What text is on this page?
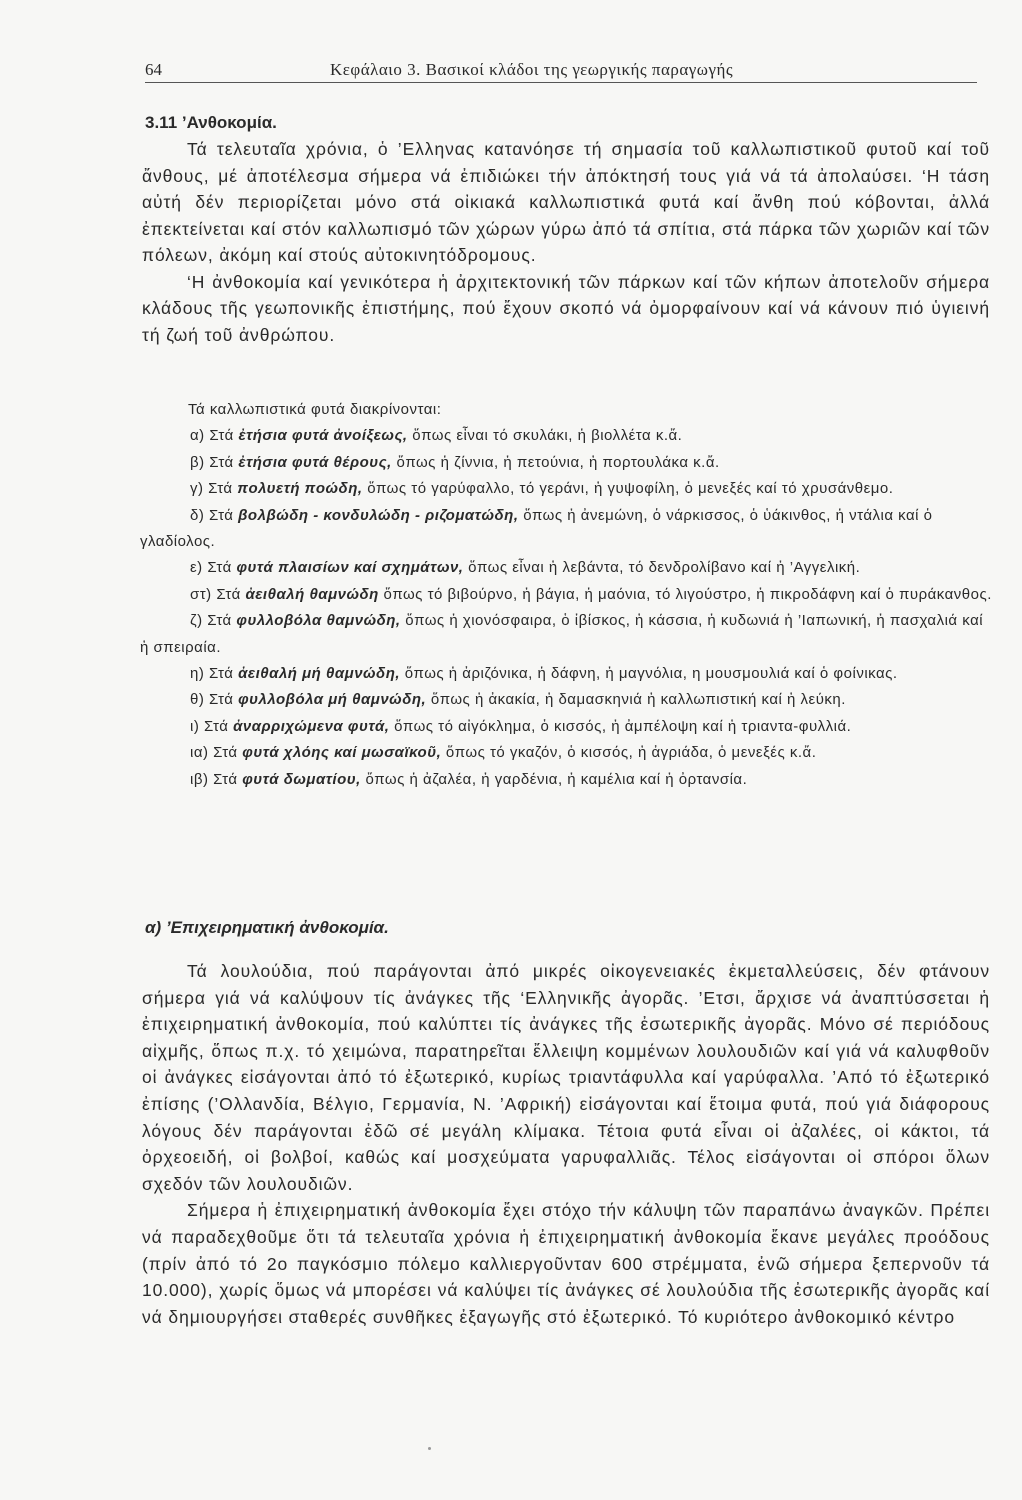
64	Κεφάλαιο 3. Βασικοί κλάδοι της γεωργικής παραγωγής
3.11 ’Ανθοκομία.

Τά τελευταῖα χρόνια, ὁ ’Ελληνας κατανόησε τή σημασία τοῦ καλλωπιστικοῦ φυτοῦ καί τοῦ ἄνθους, μέ ἀποτέλεσμα σήμερα νά ἐπιδιώκει τήν ἀπόκτησή τους γιά νά τά ἀπολαύσει. ‘Η τάση αὐτή δέν περιορίζεται μόνο στά οἰκιακά καλλωπιστικά φυτά καί ἄνθη πού κόβονται, ἀλλά ἐπεκτείνεται καί στόν καλλωπισμό τῶν χώρων γύρω ἀπό τά σπίτια, στά πάρκα τῶν χωριῶν καί τῶν πόλεων, ἀκόμη καί στούς αὐτοκινητόδρομους.

‘Η ἀνθοκομία καί γενικότερα ἡ ἀρχιτεκτονική τῶν πάρκων καί τῶν κήπων ἀποτελοῦν σήμερα κλάδους τῆς γεωπονικῆς ἐπιστήμης, πού ἔχουν σκοπό νά ὀμορφαίνουν καί νά κάνουν πιό ὑγιεινή τή ζωή τοῦ ἀνθρώπου.

Τά καλλωπιστικά φυτά διακρίνονται:

α) Στά ἐτήσια φυτά ἀνοίξεως, ὅπως εἶναι τό σκυλάκι, ἡ βιολλέτα κ.ἄ.

β) Στά ἐτήσια φυτά θέρους, ὅπως ἡ ζίννια, ἡ πετούνια, ἡ πορτουλάκα κ.ἄ.

γ) Στά πολυετή ποώδη, ὅπως τό γαρύφαλλο, τό γεράνι, ἡ γυψοφίλη, ὁ μενεξές καί τό χρυσάνθεμο.

δ) Στά βολβώδη - κονδυλώδη - ριζοματώδη, ὅπως ἡ ἀνεμώνη, ὁ νάρκισσος, ὁ ὑάκινθος, ἡ ντάλια καί ὁ γλαδίολος.

ε) Στά φυτά πλαισίων καί σχημάτων, ὅπως εἶναι ἡ λεβάντα, τό δενδρολίβανο καί ἡ ’Αγγελική.

στ) Στά ἀειθαλή θαμνώδη ὅπως τό βιβούρνο, ἡ βάγια, ἡ μαόνια, τό λιγούστρο, ἡ πικροδάφνη καί ὁ πυράκανθος.

ζ) Στά φυλλοβόλα θαμνώδη, ὅπως ἡ χιονόσφαιρα, ὁ ἰβίσκος, ἡ κάσσια, ἡ κυδωνιά ἡ ’Ιαπωνική, ἡ πασχαλιά καί ἡ σπειραία.

η) Στά ἀειθαλή μή θαμνώδη, ὅπως ἡ ἀριζόνικα, ἡ δάφνη, ἡ μαγνόλια, η μουσμουλιά καί ὁ φοίνικας.

θ) Στά φυλλοβόλα μή θαμνώδη, ὅπως ἡ ἀκακία, ἡ δαμασκηνιά ἡ καλλωπιστική καί ἡ λεύκη.

ι) Στά ἀναρριχώμενα φυτά, ὅπως τό αἰγόκλημα, ὁ κισσός, ἡ ἀμπέλοψη καί ἡ τριαντα-φυλλιά.

ια) Στά φυτά χλόης καί μωσαϊκοῦ, ὅπως τό γκαζόν, ὁ κισσός, ἡ ἀγριάδα, ὁ μενεξές κ.ἄ.

ιβ) Στά φυτά δωματίου, ὅπως ἡ ἀζαλέα, ἡ γαρδένια, ἡ καμέλια καί ἡ ὀρτανσία.

α) ’Επιχειρηματική ἀνθοκομία.

Τά λουλούδια, πού παράγονται ἀπό μικρές οἰκογενειακές ἐκμεταλλεύσεις, δέν φτάνουν σήμερα γιά νά καλύψουν τίς ἀνάγκες τῆς ‘Ελληνικῆς ἀγορᾶς. ’Ετσι, ἄρχισε νά ἀναπτύσσεται ἡ ἐπιχειρηματική ἀνθοκομία, πού καλύπτει τίς ἀνάγκες τῆς ἐσωτερικῆς ἀγορᾶς. Μόνο σέ περιόδους αἰχμῆς, ὅπως π.χ. τό χειμώνα, παρατηρεῖται ἔλλειψη κομμένων λουλουδιῶν καί γιά νά καλυφθοῦν οἱ ἀνάγκες εἰσάγονται ἀπό τό ἐξωτερικό, κυρίως τριαντάφυλλα καί γαρύφαλλα. ’Από τό ἐξωτερικό ἐπίσης (’Ολλανδία, Βέλγιο, Γερμανία, Ν. ’Αφρική) εἰσάγονται καί ἕτοιμα φυτά, πού γιά διάφορους λόγους δέν παράγονται ἐδῶ σέ μεγάλη κλίμακα. Τέτοια φυτά εἶναι οἱ ἀζαλέες, οἱ κάκτοι, τά ὀρχεοειδή, οἱ βολβοί, καθώς καί μοσχεύματα γαρυφαλλιᾶς. Τέλος εἰσάγονται οἱ σπόροι ὅλων σχεδόν τῶν λουλουδιῶν.

Σήμερα ἡ ἐπιχειρηματική ἀνθοκομία ἔχει στόχο τήν κάλυψη τῶν παραπάνω ἀναγκῶν. Πρέπει νά παραδεχθοῦμε ὅτι τά τελευταῖα χρόνια ἡ ἐπιχειρηματική ἀνθοκομία ἔκανε μεγάλες προόδους (πρίν ἀπό τό 2ο παγκόσμιο πόλεμο καλλιεργοῦνταν 600 στρέμματα, ἐνῶ σήμερα ξεπερνοῦν τά 10.000), χωρίς ὅμως νά μπορέσει νά καλύψει τίς ἀνάγκες σέ λουλούδια τῆς ἐσωτερικῆς ἀγορᾶς καί νά δημιουργήσει σταθερές συνθῆκες ἐξαγωγῆς στό ἐξωτερικό. Τό κυριότερο ἀνθοκομικό κέντρο
